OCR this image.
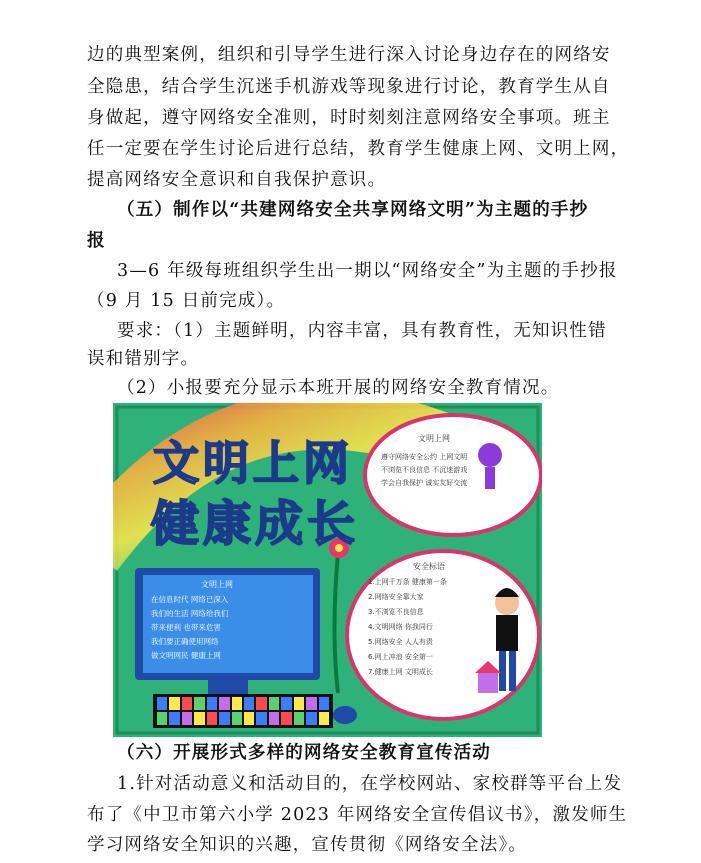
边的典型案例，组织和引导学生进行深入讨论身边存在的网络安
全隐患，结合学生沉迷手机游戏等现象进行讨论，教育学生从自
身做起，遵守网络安全准则，时时刻刻注意网络安全事项。班主
任一定要在学生讨论后进行总结，教育学生健康上网、文明上网，
提高网络安全意识和自我保护意识。
（五）制作以“共建网络安全共享网络文明”为主题的手抄
报
3—6 年级每班组织学生出一期以“网络安全”为主题的手抄报
（9 月 15 日前完成）。
要求：（1）主题鲜明，内容丰富，具有教育性，无知识性错
误和错别字。
（2）小报要充分显示本班开展的网络安全教育情况。
文明上网
健康成长
文明上网
遵守网络安全公约 上网文明
不浏览不良信息 不沉迷游戏
学会自我保护 诚实友好交流
文明上网
在信息时代 网络已深入
我们的生活 网络给我们
带来便利 也带来危害
我们要正确使用网络
做文明网民 健康上网
安全标语
1.上网千万条 健康第一条
2.网络安全靠大家
3.不浏览不良信息
4.文明网络 你我同行
5.网络安全 人人有责
6.网上冲浪 安全第一
7.健康上网 文明成长
（六）开展形式多样的网络安全教育宣传活动
1.针对活动意义和活动目的，在学校网站、家校群等平台上发
布了《中卫市第六小学 2023 年网络安全宣传倡议书》，激发师生
学习网络安全知识的兴趣，宣传贯彻《网络安全法》。
